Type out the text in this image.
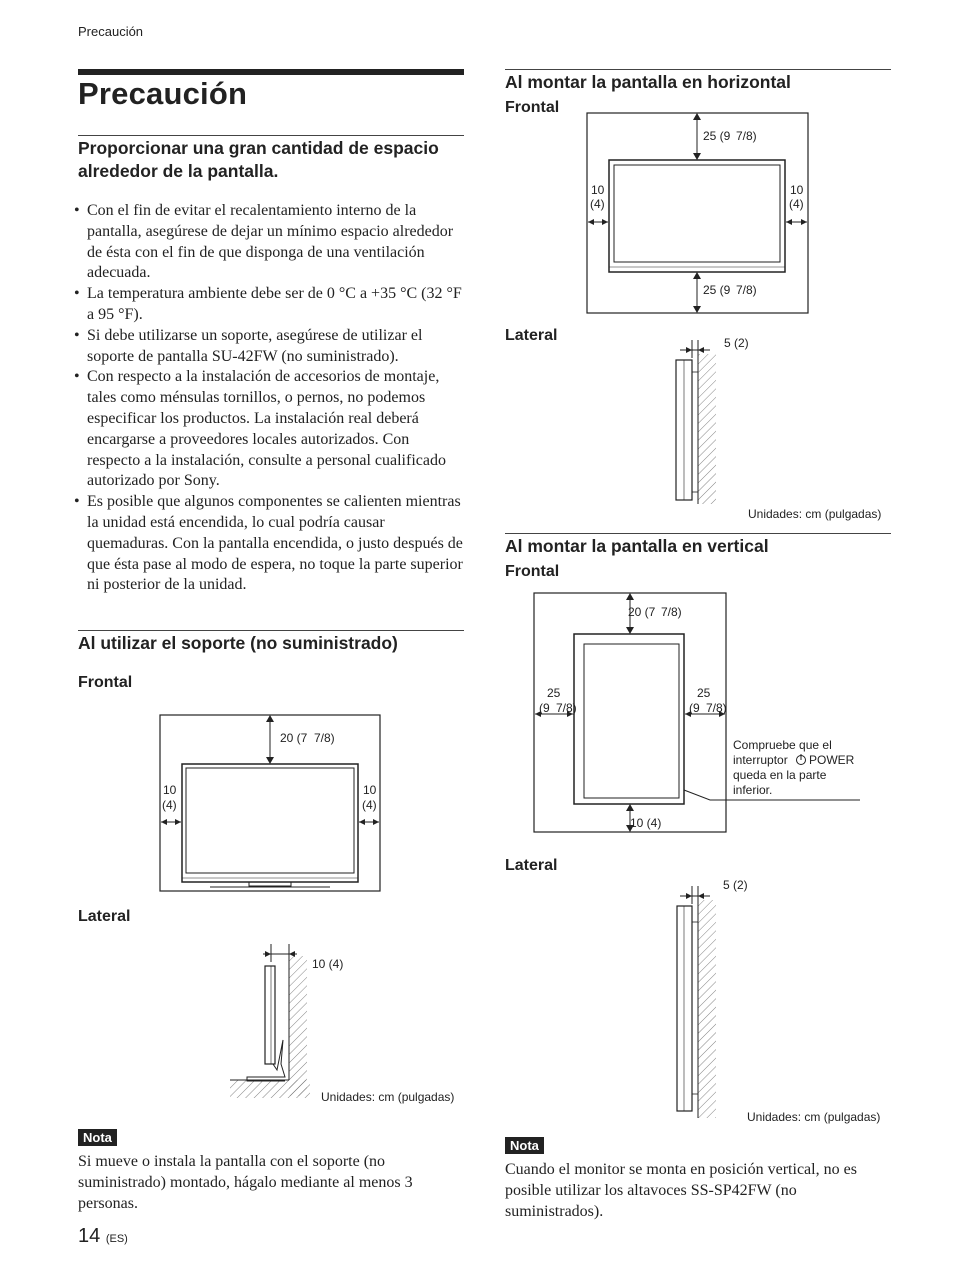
Precaución
Precaución
Proporcionar una gran cantidad de espacio alrededor de la pantalla.
• Con el fin de evitar el recalentamiento interno de la pantalla, asegúrese de dejar un mínimo espacio alrededor de ésta con el fin de que disponga de una ventilación adecuada.
• La temperatura ambiente debe ser de 0 °C a +35 °C (32 °F a 95 °F).
• Si debe utilizarse un soporte, asegúrese de utilizar el soporte de pantalla SU-42FW (no suministrado).
• Con respecto a la instalación de accesorios de montaje, tales como ménsulas tornillos, o pernos, no podemos especificar los productos. La instalación real deberá encargarse a proveedores locales autorizados. Con respecto a la instalación, consulte a personal cualificado autorizado por Sony.
• Es posible que algunos componentes se calienten mientras la unidad está encendida, lo cual podría causar quemaduras. Con la pantalla encendida, o justo después de que ésta pase al modo de espera, no toque la parte superior ni posterior de la unidad.
Al utilizar el soporte (no suministrado)
Frontal
20 (7 7/8)
10
(4)
10
(4)
Lateral
10 (4)
Unidades: cm (pulgadas)
Nota
Si mueve o instala la pantalla con el soporte (no suministrado) montado, hágalo mediante al menos 3 personas.
14 (ES)
Al montar la pantalla en horizontal
Frontal
25 (9 7/8)
25 (9 7/8)
10
(4)
10
(4)
Lateral	5 (2)
Unidades: cm (pulgadas)
Al montar la pantalla en vertical
Frontal
20 (7 7/8)
25
(9 7/8)
25
(9 7/8)
10 (4)
Compruebe que el
interruptor POWER
queda en la parte
inferior.
Lateral
5 (2)
Unidades: cm (pulgadas)
Nota
Cuando el monitor se monta en posición vertical, no es posible utilizar los altavoces SS-SP42FW (no suministrados).
